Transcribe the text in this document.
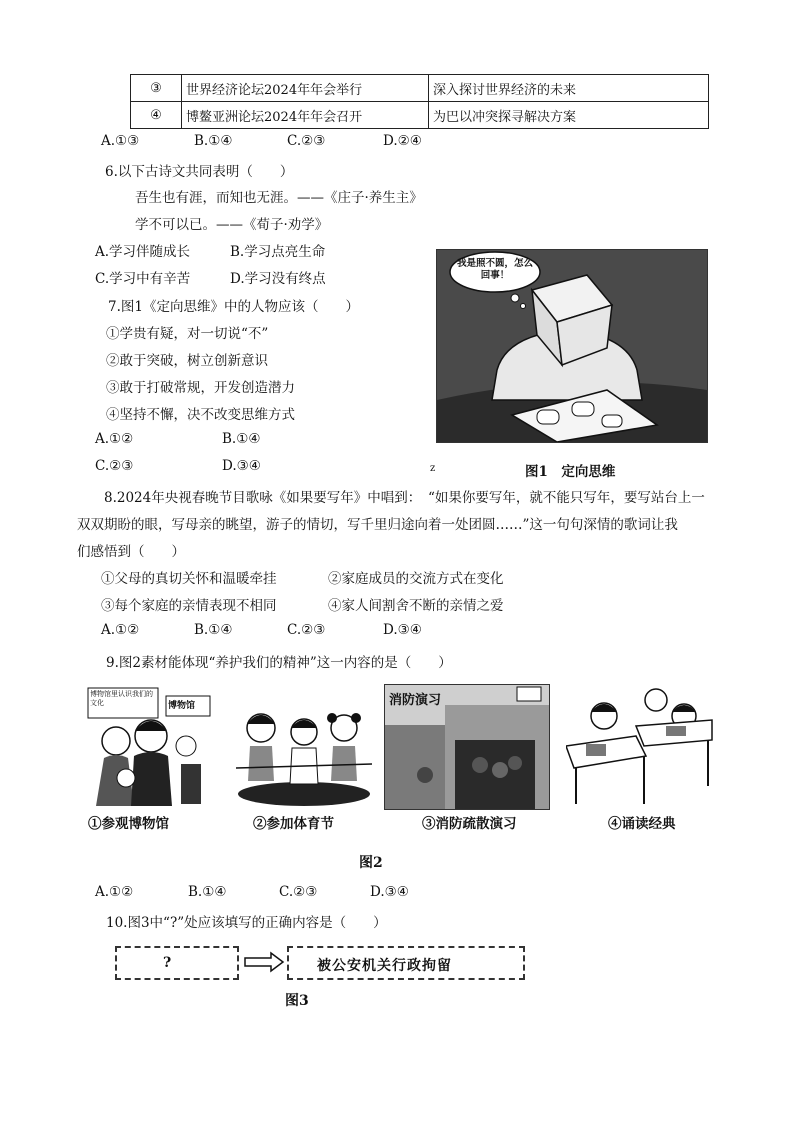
③	世界经济论坛2024年年会举行	深入探讨世界经济的未来
④	博鳌亚洲论坛2024年年会召开	为巴以冲突探寻解决方案
A.①③	B.①④	C.②③	D.②④
6.以下古诗文共同表明（　　）
吾生也有涯，而知也无涯。——《庄子·养生主》
学不可以已。——《荀子·劝学》
A.学习伴随成长	B.学习点亮生命
C.学习中有辛苦	D.学习没有终点
7.图1《定向思维》中的人物应该（　　）
①学贵有疑，对一切说“不”
②敢于突破，树立创新意识
③敢于打破常规，开发创造潜力
④坚持不懈，决不改变思维方式
A.①②	B.①④
C.②③	D.③④
我是照不圆，怎么回事！
z	图1　定向思维
8.2024年央视春晚节目歌咏《如果要写年》中唱到：　“如果你要写年，就不能只写年，要写站台上一
双双期盼的眼，写母亲的眺望，游子的情切，写千里归途向着一处团圆……”这一句句深情的歌词让我
们感悟到（　　）
①父母的真切关怀和温暖牵挂	②家庭成员的交流方式在变化
③每个家庭的亲情表现不相同	④家人间割舍不断的亲情之爱
A.①②	B.①④	C.②③	D.③④
9.图2素材能体现“养护我们的精神”这一内容的是（　　）
博物馆
博物馆里认识我们的文化
①参观博物馆	②参加体育节
消防演习
③消防疏散演习	④诵读经典
图2
A.①②	B.①④	C.②③	D.③④
10.图3中“?”处应该填写的正确内容是（　　）
?	被公安机关行政拘留
图3
